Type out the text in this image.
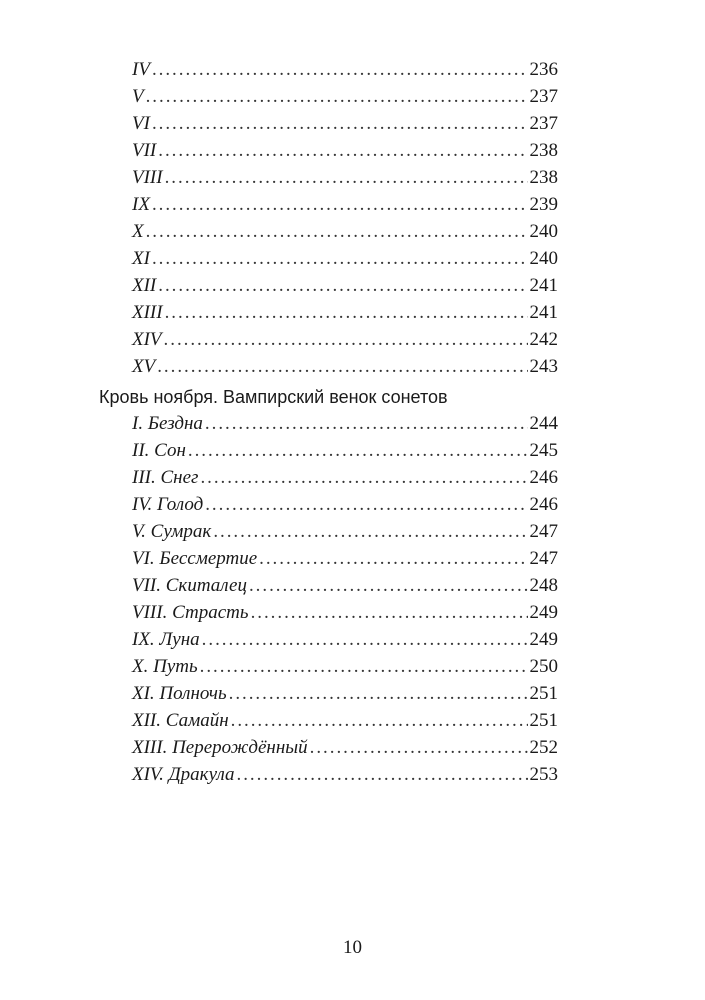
IV . . .	236
V . . .	237
VI . . .	237
VII . . .	238
VIII . . .	238
IX . . .	239
X . . .	240
XI . . .	240
XII . . .	241
XIII . . .	241
XIV . . .	242
XV . . .	243
Кровь ноября. Вампирский венок сонетов
I. Бездна . . .	244
II. Сон . . .	245
III. Снег . . .	246
IV. Голод . . .	246
V. Сумрак . . .	247
VI. Бессмертие . . .	247
VII. Скиталец . . .	248
VIII. Страсть . . .	249
IX. Луна . . .	249
X. Путь . . .	250
XI. Полночь . . .	251
XII. Самайн . . .	251
XIII. Перерождённый . . .	252
XIV. Дракула . . .	253
10
